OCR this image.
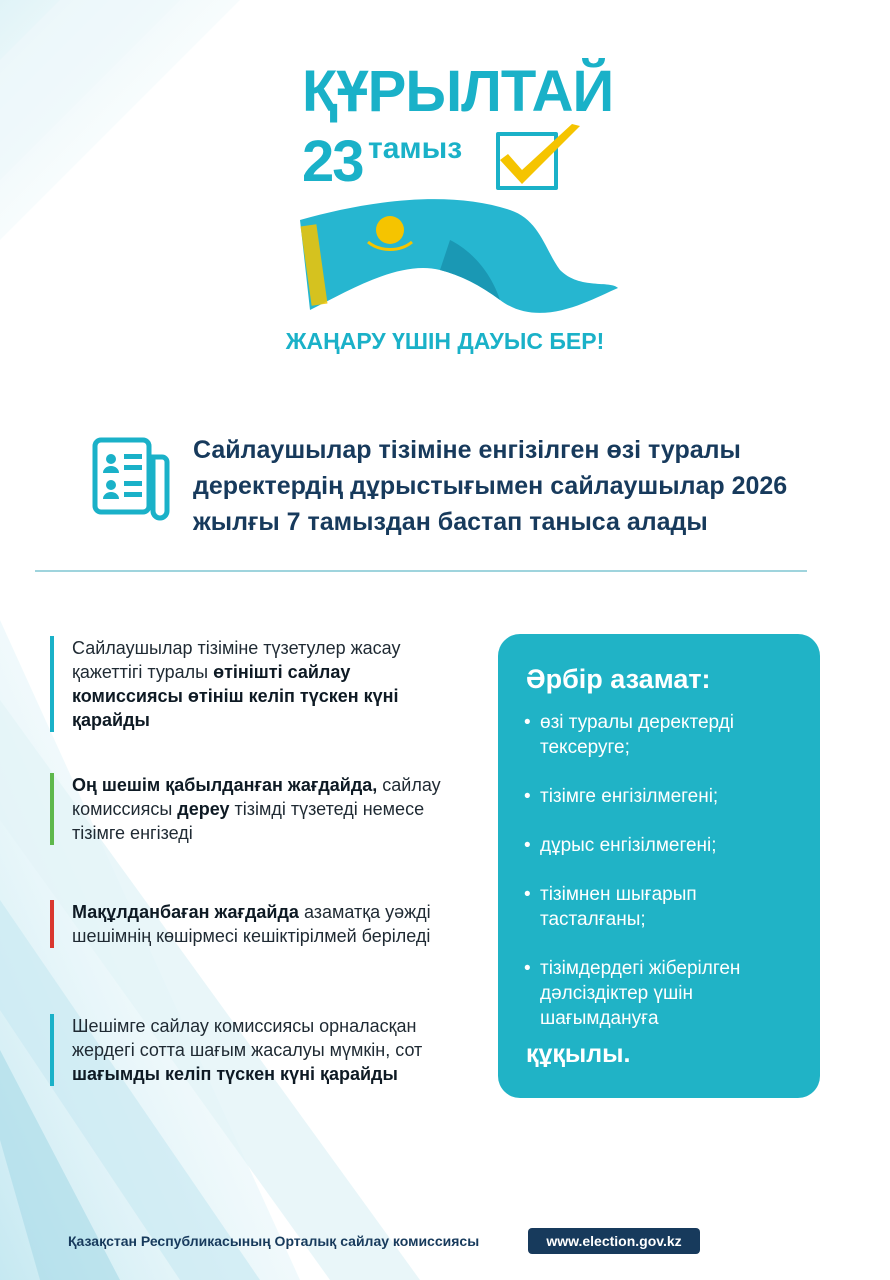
ҚҰРЫЛТАЙ
23 тамыз
ЖАҢАРУ ҮШІН ДАУЫС БЕР!

Сайлаушылар тізіміне енгізілген өзі туралы деректердің дұрыстығымен сайлаушылар 2026 жылғы 7 тамыздан бастап таныса алады

Сайлаушылар тізіміне түзетулер жасау қажеттігі туралы өтінішті сайлау комиссиясы өтініш келіп түскен күні қарайды
Оң шешім қабылданған жағдайда, сайлау комиссиясы дереу тізімді түзетеді немесе тізімге енгізеді
Мақұлданбаған жағдайда азаматқа уәжді шешімнің көшірмесі кешіктірілмей беріледі
Шешімге сайлау комиссиясы орналасқан жердегі сотта шағым жасалуы мүмкін, сот шағымды келіп түскен күні қарайды
Әрбір азамат:
• өзі туралы деректерді тексеруге;
• тізімге енгізілмегені;
• дұрыс енгізілмегені;
• тізімнен шығарып тасталғаны;
• тізімдердегі жіберілген дәлсіздіктер үшін шағымдануға
құқылы.
Қазақстан Республикасының Орталық сайлау комиссиясы	www.election.gov.kz
